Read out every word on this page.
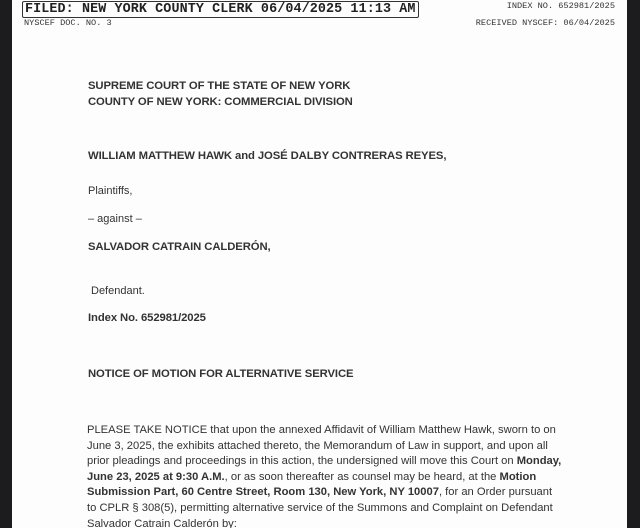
FILED: NEW YORK COUNTY CLERK 06/04/2025 11:13 AM
NYSCEF DOC. NO. 3
INDEX NO. 652981/2025
RECEIVED NYSCEF: 06/04/2025
SUPREME COURT OF THE STATE OF NEW YORK
COUNTY OF NEW YORK: COMMERCIAL DIVISION
WILLIAM MATTHEW HAWK and JOSÉ DALBY CONTRERAS REYES,
Plaintiffs,
– against –
SALVADOR CATRAIN CALDERÓN,
Defendant.
Index No. 652981/2025
NOTICE OF MOTION FOR ALTERNATIVE SERVICE
PLEASE TAKE NOTICE that upon the annexed Affidavit of William Matthew Hawk, sworn to on
June 3, 2025, the exhibits attached thereto, the Memorandum of Law in support, and upon all
prior pleadings and proceedings in this action, the undersigned will move this Court on Monday,
June 23, 2025 at 9:30 A.M., or as soon thereafter as counsel may be heard, at the Motion
Submission Part, 60 Centre Street, Room 130, New York, NY 10007, for an Order pursuant
to CPLR § 308(5), permitting alternative service of the Summons and Complaint on Defendant
Salvador Catrain Calderón by:
